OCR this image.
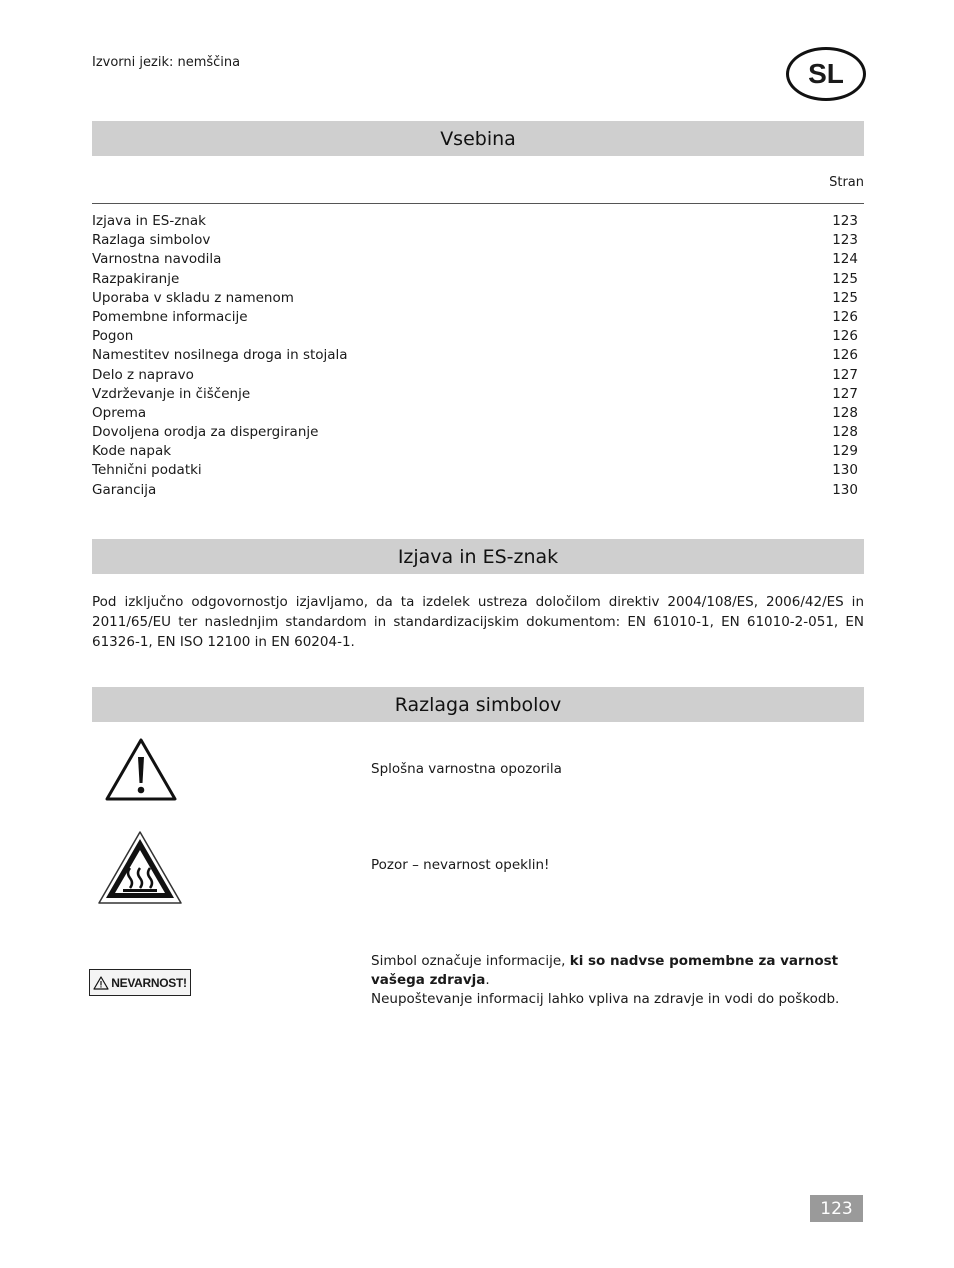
Izvorni jezik: nemščina	SL
Vsebina
Stran
Izjava in ES-znak	123
Razlaga simbolov	123
Varnostna navodila	124
Razpakiranje	125
Uporaba v skladu z namenom	125
Pomembne informacije	126
Pogon	126
Namestitev nosilnega droga in stojala	126
Delo z napravo	127
Vzdrževanje in čiščenje	127
Oprema	128
Dovoljena orodja za dispergiranje	128
Kode napak	129
Tehnični podatki	130
Garancija	130
Izjava in ES-znak
Pod izključno odgovornostjo izjavljamo, da ta izdelek ustreza določilom direktiv 2004/108/ES, 2006/42/ES in 2011/65/EU ter naslednjim standardom in standardizacijskim dokumentom: EN 61010-1, EN 61010-2-051, EN 61326-1, EN ISO 12100 in EN 60204-1.
Razlaga simbolov
Splošna varnostna opozorila
Pozor – nevarnost opeklin!
NEVARNOST!
Simbol označuje informacije, ki so nadvse pomembne za varnost vašega zdravja.
Neupoštevanje informacij lahko vpliva na zdravje in vodi do poškodb.
123
